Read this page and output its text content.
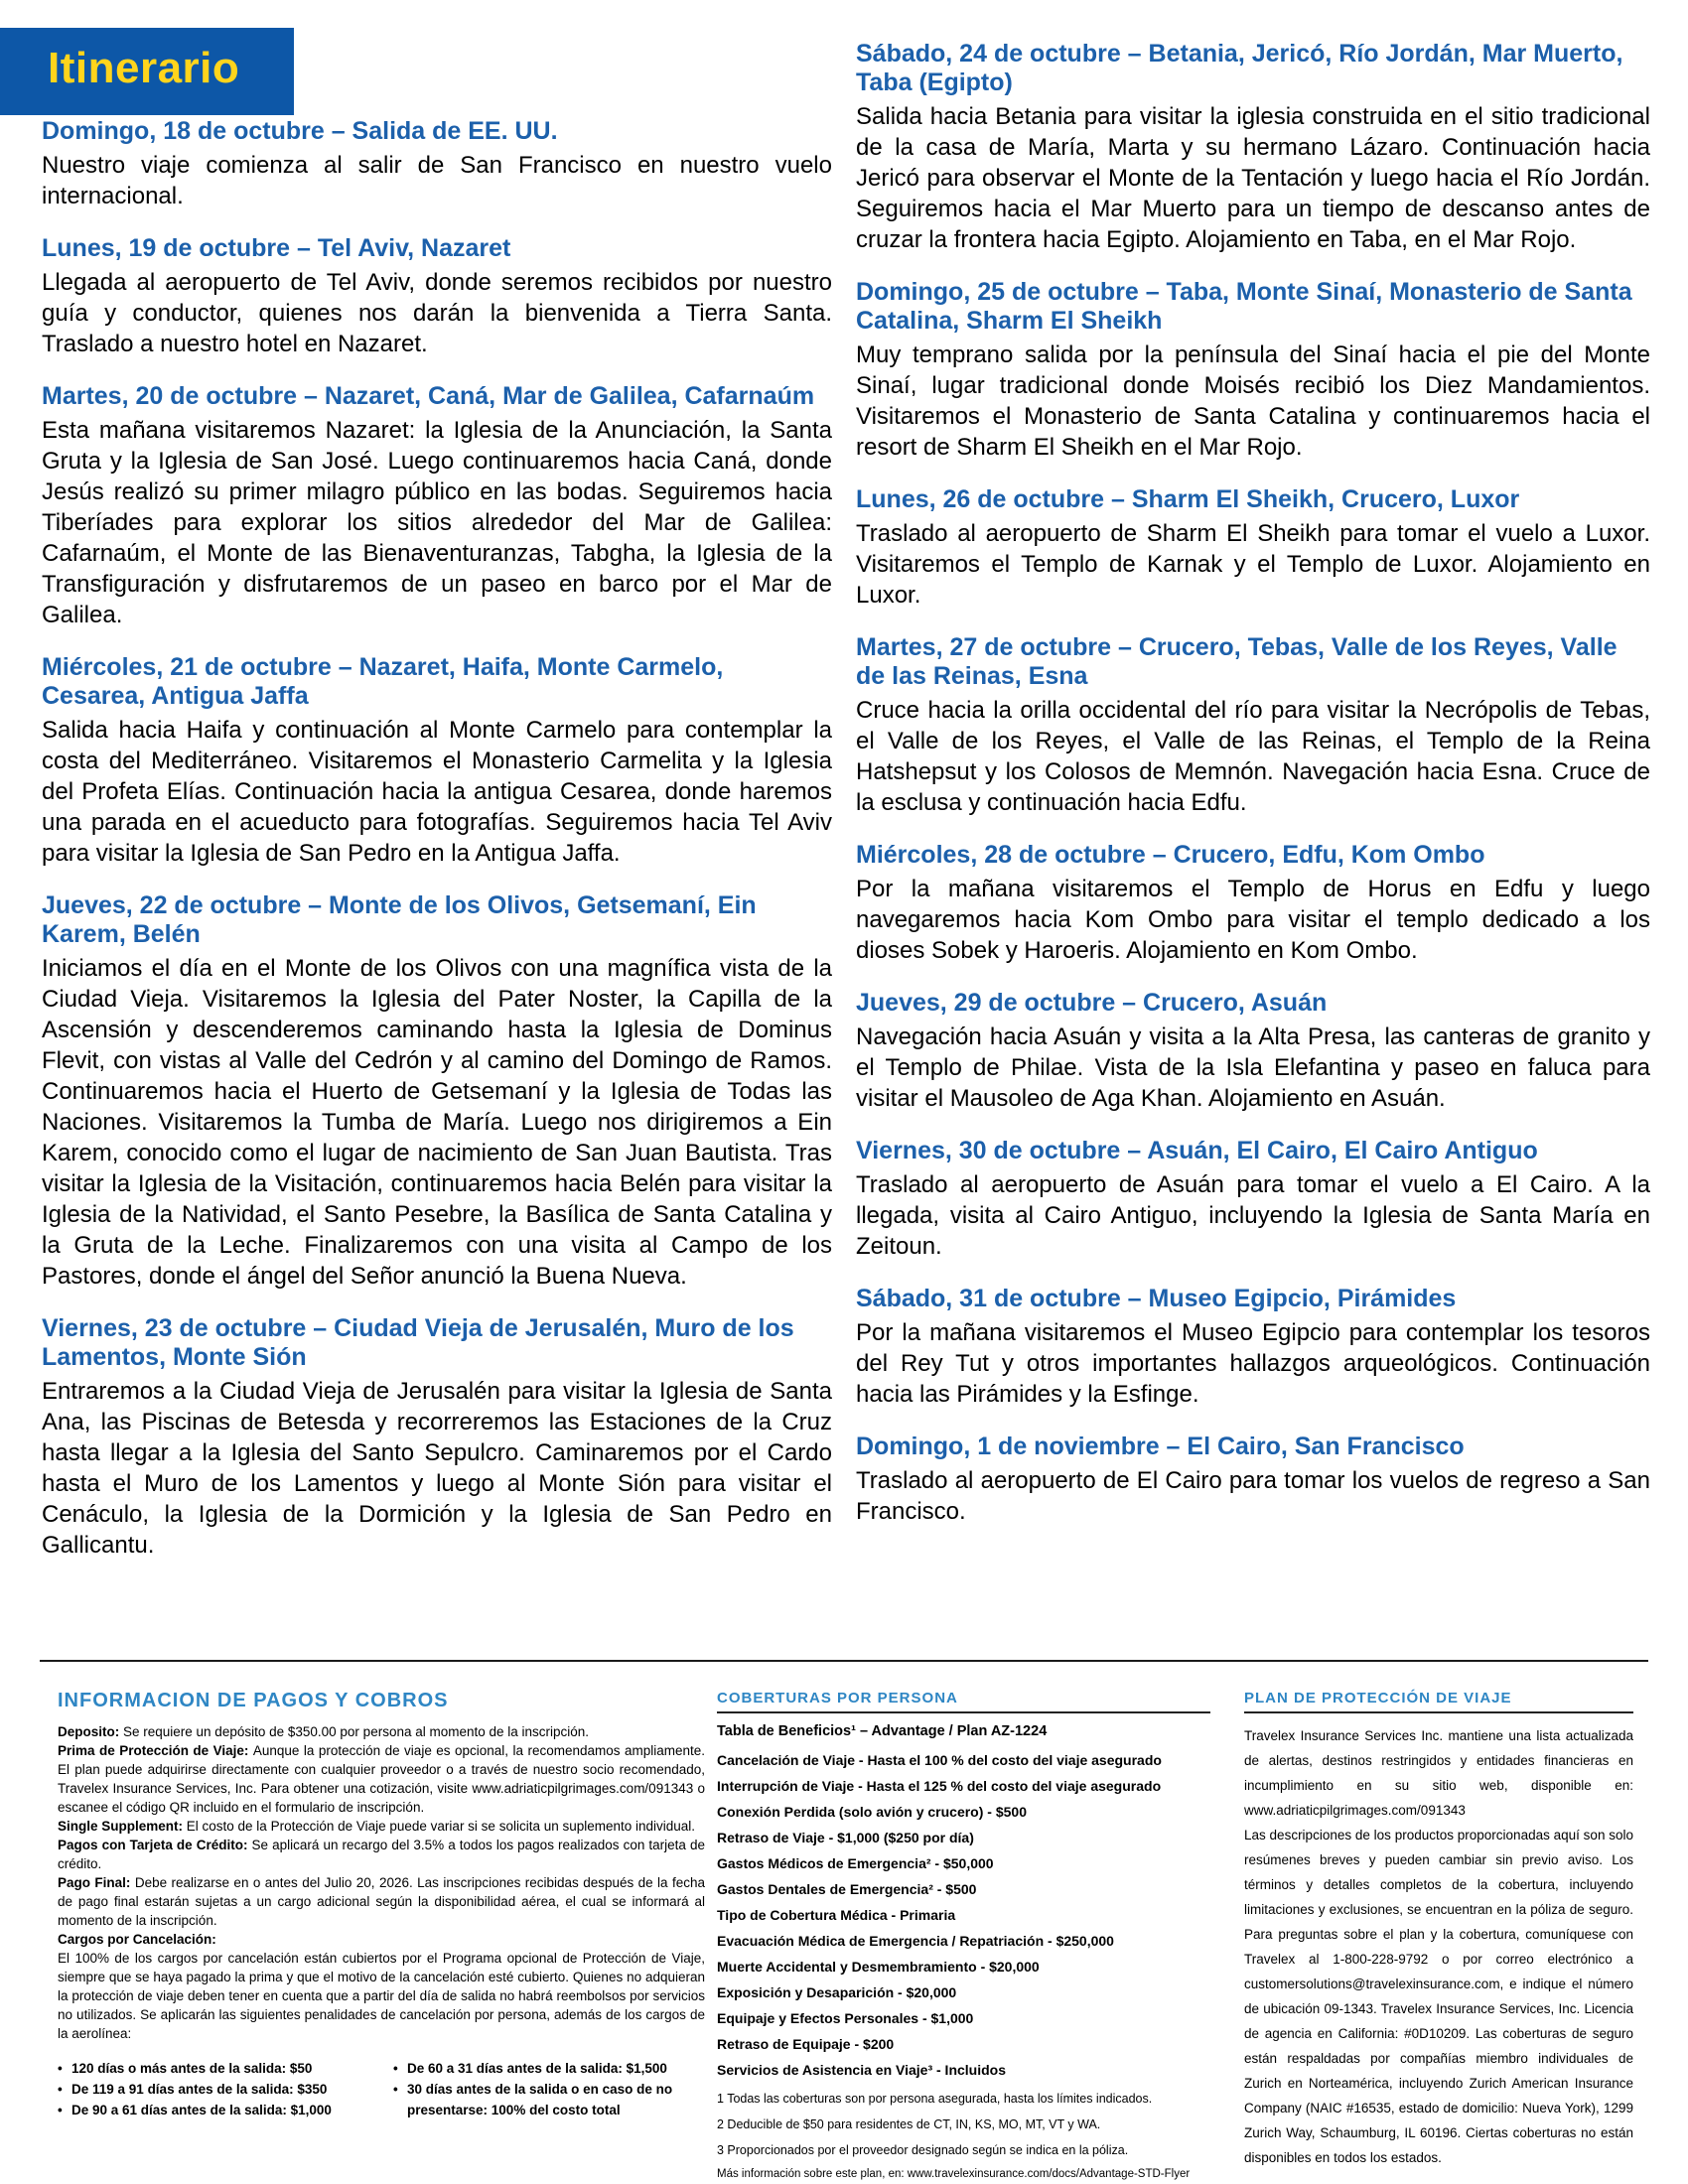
Itinerario
Domingo, 18 de octubre – Salida de EE. UU.

Nuestro viaje comienza al salir de San Francisco en nuestro vuelo internacional.

Lunes, 19 de octubre – Tel Aviv, Nazaret

Llegada al aeropuerto de Tel Aviv, donde seremos recibidos por nuestro guía y conductor, quienes nos darán la bienvenida a Tierra Santa. Traslado a nuestro hotel en Nazaret.

Martes, 20 de octubre – Nazaret, Caná, Mar de Galilea, Cafarnaúm

Esta mañana visitaremos Nazaret: la Iglesia de la Anunciación, la Santa Gruta y la Iglesia de San José. Luego continuaremos hacia Caná, donde Jesús realizó su primer milagro público en las bodas. Seguiremos hacia Tiberíades para explorar los sitios alrededor del Mar de Galilea: Cafarnaúm, el Monte de las Bienaventuranzas, Tabgha, la Iglesia de la Transfiguración y disfrutaremos de un paseo en barco por el Mar de Galilea.

Miércoles, 21 de octubre – Nazaret, Haifa, Monte Carmelo, Cesarea, Antigua Jaffa

Salida hacia Haifa y continuación al Monte Carmelo para contemplar la costa del Mediterráneo. Visitaremos el Monasterio Carmelita y la Iglesia del Profeta Elías. Continuación hacia la antigua Cesarea, donde haremos una parada en el acueducto para fotografías. Seguiremos hacia Tel Aviv para visitar la Iglesia de San Pedro en la Antigua Jaffa.

Jueves, 22 de octubre – Monte de los Olivos, Getsemaní, Ein Karem, Belén

Iniciamos el día en el Monte de los Olivos con una magnífica vista de la Ciudad Vieja. Visitaremos la Iglesia del Pater Noster, la Capilla de la Ascensión y descenderemos caminando hasta la Iglesia de Dominus Flevit, con vistas al Valle del Cedrón y al camino del Domingo de Ramos. Continuaremos hacia el Huerto de Getsemaní y la Iglesia de Todas las Naciones. Visitaremos la Tumba de María. Luego nos dirigiremos a Ein Karem, conocido como el lugar de nacimiento de San Juan Bautista. Tras visitar la Iglesia de la Visitación, continuaremos hacia Belén para visitar la Iglesia de la Natividad, el Santo Pesebre, la Basílica de Santa Catalina y la Gruta de la Leche. Finalizaremos con una visita al Campo de los Pastores, donde el ángel del Señor anunció la Buena Nueva.

Viernes, 23 de octubre – Ciudad Vieja de Jerusalén, Muro de los Lamentos, Monte Sión

Entraremos a la Ciudad Vieja de Jerusalén para visitar la Iglesia de Santa Ana, las Piscinas de Betesda y recorreremos las Estaciones de la Cruz hasta llegar a la Iglesia del Santo Sepulcro. Caminaremos por el Cardo hasta el Muro de los Lamentos y luego al Monte Sión para visitar el Cenáculo, la Iglesia de la Dormición y la Iglesia de San Pedro en Gallicantu.

Sábado, 24 de octubre – Betania, Jericó, Río Jordán, Mar Muerto, Taba (Egipto)

Salida hacia Betania para visitar la iglesia construida en el sitio tradicional de la casa de María, Marta y su hermano Lázaro. Continuación hacia Jericó para observar el Monte de la Tentación y luego hacia el Río Jordán. Seguiremos hacia el Mar Muerto para un tiempo de descanso antes de cruzar la frontera hacia Egipto. Alojamiento en Taba, en el Mar Rojo.

Domingo, 25 de octubre – Taba, Monte Sinaí, Monasterio de Santa Catalina, Sharm El Sheikh

Muy temprano salida por la península del Sinaí hacia el pie del Monte Sinaí, lugar tradicional donde Moisés recibió los Diez Mandamientos. Visitaremos el Monasterio de Santa Catalina y continuaremos hacia el resort de Sharm El Sheikh en el Mar Rojo.

Lunes, 26 de octubre – Sharm El Sheikh, Crucero, Luxor

Traslado al aeropuerto de Sharm El Sheikh para tomar el vuelo a Luxor. Visitaremos el Templo de Karnak y el Templo de Luxor. Alojamiento en Luxor.

Martes, 27 de octubre – Crucero, Tebas, Valle de los Reyes, Valle de las Reinas, Esna

Cruce hacia la orilla occidental del río para visitar la Necrópolis de Tebas, el Valle de los Reyes, el Valle de las Reinas, el Templo de la Reina Hatshepsut y los Colosos de Memnón. Navegación hacia Esna. Cruce de la esclusa y continuación hacia Edfu.

Miércoles, 28 de octubre – Crucero, Edfu, Kom Ombo

Por la mañana visitaremos el Templo de Horus en Edfu y luego navegaremos hacia Kom Ombo para visitar el templo dedicado a los dioses Sobek y Haroeris. Alojamiento en Kom Ombo.

Jueves, 29 de octubre – Crucero, Asuán

Navegación hacia Asuán y visita a la Alta Presa, las canteras de granito y el Templo de Philae. Vista de la Isla Elefantina y paseo en faluca para visitar el Mausoleo de Aga Khan. Alojamiento en Asuán.

Viernes, 30 de octubre – Asuán, El Cairo, El Cairo Antiguo

Traslado al aeropuerto de Asuán para tomar el vuelo a El Cairo. A la llegada, visita al Cairo Antiguo, incluyendo la Iglesia de Santa María en Zeitoun.

Sábado, 31 de octubre – Museo Egipcio, Pirámides

Por la mañana visitaremos el Museo Egipcio para contemplar los tesoros del Rey Tut y otros importantes hallazgos arqueológicos. Continuación hacia las Pirámides y la Esfinge.

Domingo, 1 de noviembre – El Cairo, San Francisco

Traslado al aeropuerto de El Cairo para tomar los vuelos de regreso a San Francisco.

INFORMACION DE PAGOS Y COBROS

Deposito: Se requiere un depósito de $350.00 por persona al momento de la inscripción.

Prima de Protección de Viaje: Aunque la protección de viaje es opcional, la recomendamos ampliamente. El plan puede adquirirse directamente con cualquier proveedor o a través de nuestro socio recomendado, Travelex Insurance Services, Inc. Para obtener una cotización, visite www.adriaticpilgrimages.com/091343 o escanee el código QR incluido en el formulario de inscripción.

Single Supplement: El costo de la Protección de Viaje puede variar si se solicita un suplemento individual.

Pagos con Tarjeta de Crédito: Se aplicará un recargo del 3.5% a todos los pagos realizados con tarjeta de crédito.

Pago Final: Debe realizarse en o antes del Julio 20, 2026. Las inscripciones recibidas después de la fecha de pago final estarán sujetas a un cargo adicional según la disponibilidad aérea, el cual se informará al momento de la inscripción.

Cargos por Cancelación:

El 100% de los cargos por cancelación están cubiertos por el Programa opcional de Protección de Viaje, siempre que se haya pagado la prima y que el motivo de la cancelación esté cubierto. Quienes no adquieran la protección de viaje deben tener en cuenta que a partir del día de salida no habrá reembolsos por servicios no utilizados. Se aplicarán las siguientes penalidades de cancelación por persona, además de los cargos de la aerolínea:

• 120 días o más antes de la salida: $50
• De 119 a 91 días antes de la salida: $350
• De 90 a 61 días antes de la salida: $1,000
• De 60 a 31 días antes de la salida: $1,500
• 30 días antes de la salida o en caso de no presentarse: 100% del costo total
COBERTURAS POR PERSONA

Tabla de Beneficios¹ – Advantage / Plan AZ-1224

Cancelación de Viaje - Hasta el 100 % del costo del viaje asegurado

Interrupción de Viaje - Hasta el 125 % del costo del viaje asegurado

Conexión Perdida (solo avión y crucero) - $500

Retraso de Viaje - $1,000 ($250 por día)

Gastos Médicos de Emergencia² - $50,000

Gastos Dentales de Emergencia² - $500

Tipo de Cobertura Médica - Primaria

Evacuación Médica de Emergencia / Repatriación - $250,000

Muerte Accidental y Desmembramiento - $20,000

Exposición y Desaparición - $20,000

Equipaje y Efectos Personales - $1,000

Retraso de Equipaje - $200

Servicios de Asistencia en Viaje³ - Incluidos

1 Todas las coberturas son por persona asegurada, hasta los límites indicados.

2 Deducible de $50 para residentes de CT, IN, KS, MO, MT, VT y WA.

3 Proporcionados por el proveedor designado según se indica en la póliza.

Más información sobre este plan, en: www.travelexinsurance.com/docs/Advantage-STD-Flyer

PLAN DE PROTECCIÓN DE VIAJE

Travelex Insurance Services Inc. mantiene una lista actualizada de alertas, destinos restringidos y entidades financieras en incumplimiento en su sitio web, disponible en: www.adriaticpilgrimages.com/091343

Las descripciones de los productos proporcionadas aquí son solo resúmenes breves y pueden cambiar sin previo aviso. Los términos y detalles completos de la cobertura, incluyendo limitaciones y exclusiones, se encuentran en la póliza de seguro. Para preguntas sobre el plan y la cobertura, comuníquese con Travelex al 1-800-228-9792 o por correo electrónico a customersolutions@travelexinsurance.com, e indique el número de ubicación 09-1343. Travelex Insurance Services, Inc. Licencia de agencia en California: #0D10209. Las coberturas de seguro están respaldadas por compañías miembro individuales de Zurich en Norteamérica, incluyendo Zurich American Insurance Company (NAIC #16535, estado de domicilio: Nueva York), 1299 Zurich Way, Schaumburg, IL 60196. Ciertas coberturas no están disponibles en todos los estados.
